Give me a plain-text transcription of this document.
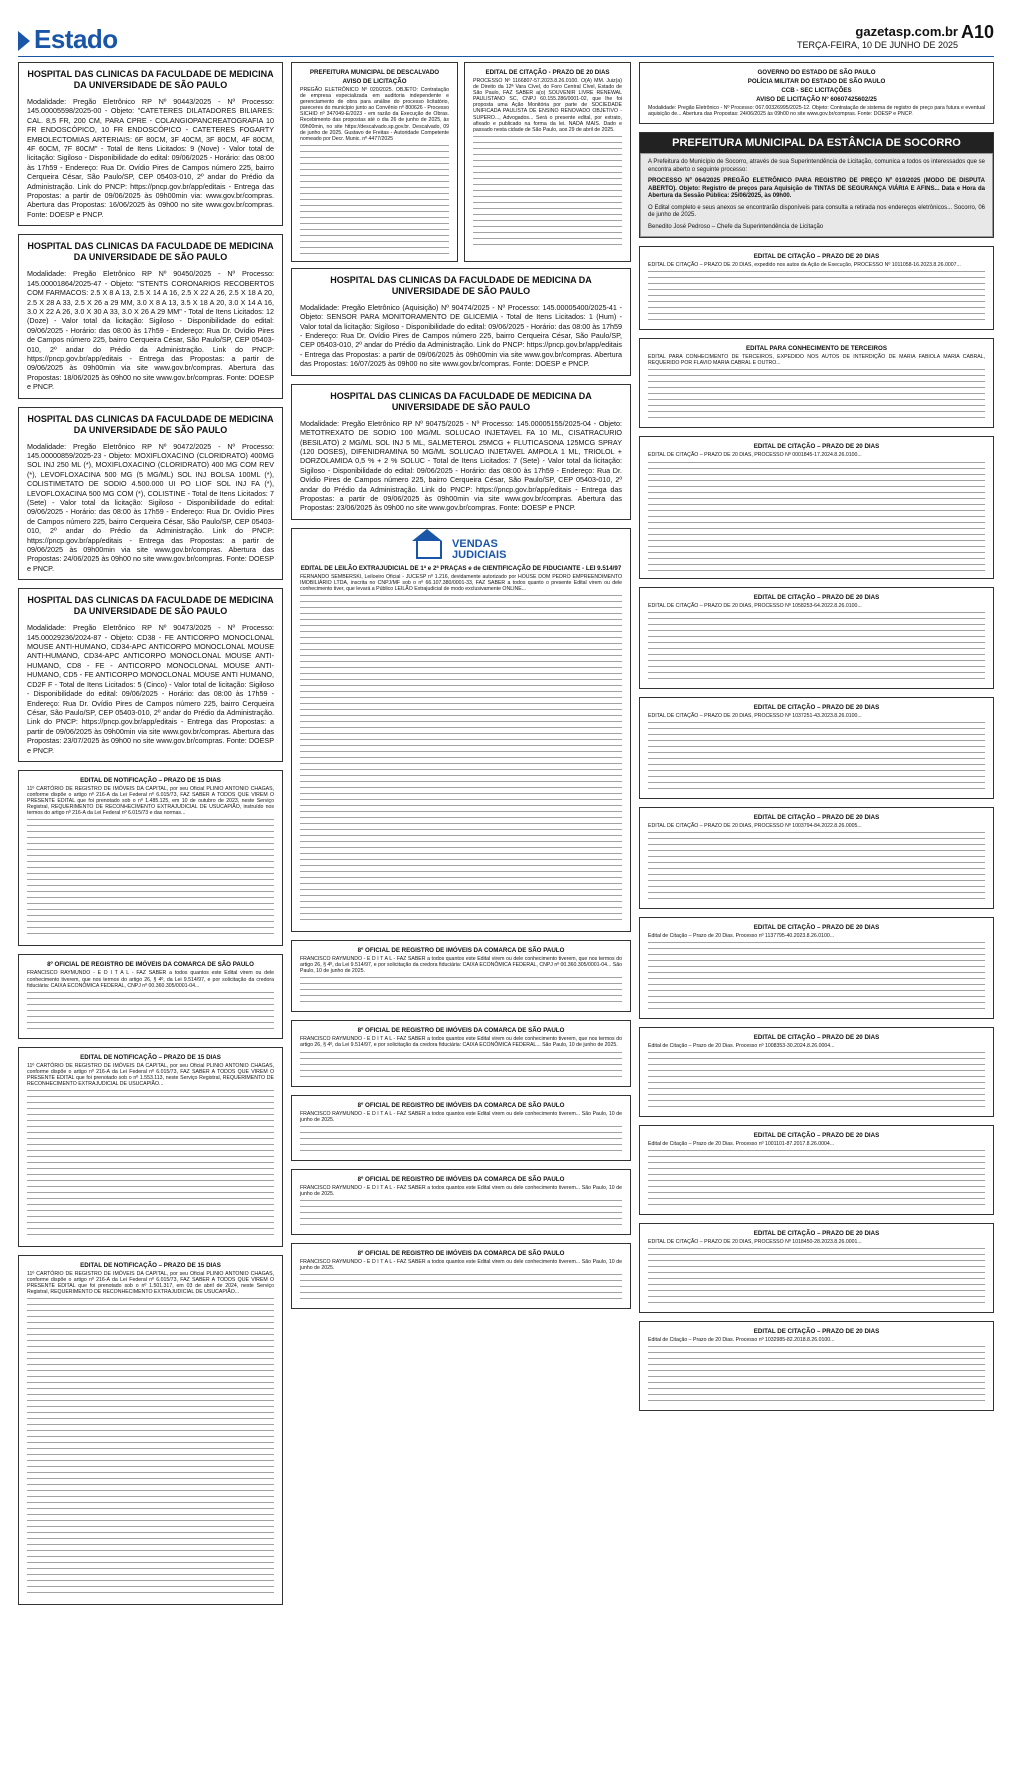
Estado	gazetasp.com.br A10
TERÇA-FEIRA, 10 DE JUNHO DE 2025
HOSPITAL DAS CLINICAS DA FACULDADE DE MEDICINA DA UNIVERSIDADE DE SÃO PAULO

Modalidade: Pregão Eletrônico RP Nº 90443/2025 - Nº Processo: 145.00005598/2025-00 - Objeto: "CATETERES DILATADORES BILIARES: CAL. 8,5 FR, 200 CM, PARA CPRE - COLANGIOPANCREATOGRAFIA 10 FR ENDOSCÓPICO, 10 FR ENDOSCÓPICO - CATETERES FOGARTY EMBOLECTOMIAS ARTERIAIS: 6F 80CM, 3F 40CM, 3F 80CM, 4F 80CM, 4F 60CM, 7F 80CM" - Total de Itens Licitados: 9 (Nove) - Valor total de licitação: Sigiloso - Disponibilidade do edital: 09/06/2025 - Horário: das 08:00 às 17h59 - Endereço: Rua Dr. Ovídio Pires de Campos número 225, bairro Cerqueira César, São Paulo/SP, CEP 05403-010, 2º andar do Prédio da Administração. Link do PNCP: https://pncp.gov.br/app/editais - Entrega das Propostas: a partir de 09/06/2025 às 09h00min via: www.gov.br/compras. Abertura das Propostas: 16/06/2025 às 09h00 no site www.gov.br/compras. Fonte: DOESP e PNCP.

HOSPITAL DAS CLINICAS DA FACULDADE DE MEDICINA DA UNIVERSIDADE DE SÃO PAULO

Modalidade: Pregão Eletrônico RP Nº 90450/2025 - Nº Processo: 145.00001864/2025-47 - Objeto: "STENTS CORONARIOS RECOBERTOS COM FARMACOS: 2.5 X 8 A 13, 2.5 X 14 A 16, 2.5 X 22 A 26, 2.5 X 18 A 20, 2.5 X 28 A 33, 2.5 X 26 a 29 MM, 3.0 X 8 A 13, 3.5 X 18 A 20, 3.0 X 14 A 16, 3.0 X 22 A 26, 3.0 X 30 A 33, 3.0 X 26 A 29 MM" - Total de Itens Licitados: 12 (Doze) - Valor total da licitação: Sigiloso - Disponibilidade do edital: 09/06/2025 - Horário: das 08:00 às 17h59 - Endereço: Rua Dr. Ovídio Pires de Campos número 225, bairro Cerqueira César, São Paulo/SP, CEP 05403-010, 2º andar do Prédio da Administração. Link do PNCP: https://pncp.gov.br/app/editais - Entrega das Propostas: a partir de 09/06/2025 às 09h00min via site www.gov.br/compras. Abertura das Propostas: 18/06/2025 às 09h00 no site www.gov.br/compras. Fonte: DOESP e PNCP.

HOSPITAL DAS CLINICAS DA FACULDADE DE MEDICINA DA UNIVERSIDADE DE SÃO PAULO

Modalidade: Pregão Eletrônico RP Nº 90472/2025 - Nº Processo: 145.00000859/2025-23 - Objeto: MOXIFLOXACINO (CLORIDRATO) 400MG SOL INJ 250 ML (*), MOXIFLOXACINO (CLORIDRATO) 400 MG COM REV (*), LEVOFLOXACINA 500 MG (5 MG/ML) SOL INJ BOLSA 100ML (*), COLISTIMETATO DE SODIO 4.500.000 UI PO LIOF SOL INJ FA (*), LEVOFLOXACINA 500 MG COM (*), COLISTINE - Total de Itens Licitados: 7 (Sete) - Valor total da licitação: Sigiloso - Disponibilidade do edital: 09/06/2025 - Horário: das 08:00 às 17h59 - Endereço: Rua Dr. Ovídio Pires de Campos número 225, bairro Cerqueira César, São Paulo/SP, CEP 05403-010, 2º andar do Prédio da Administração. Link do PNCP: https://pncp.gov.br/app/editais - Entrega das Propostas: a partir de 09/06/2025 às 09h00min via site www.gov.br/compras. Abertura das Propostas: 24/06/2025 às 09h00 no site www.gov.br/compras. Fonte: DOESP e PNCP.

HOSPITAL DAS CLINICAS DA FACULDADE DE MEDICINA DA UNIVERSIDADE DE SÃO PAULO

Modalidade: Pregão Eletrônico RP Nº 90473/2025 - Nº Processo: 145.00029236/2024-87 - Objeto: CD38 - FE ANTICORPO MONOCLONAL MOUSE ANTI-HUMANO, CD34-APC ANTICORPO MONOCLONAL MOUSE ANTI-HUMANO, CD34-APC ANTICORPO MONOCLONAL MOUSE ANTI-HUMANO, CD8 - FE - ANTICORPO MONOCLONAL MOUSE ANTI-HUMANO, CD5 - FE ANTICORPO MONOCLONAL MOUSE ANTI HUMANO, CD2F F - Total de Itens Licitados: 5 (Cinco) - Valor total de licitação: Sigiloso - Disponibilidade do edital: 09/06/2025 - Horário: das 08:00 às 17h59 - Endereço: Rua Dr. Ovídio Pires de Campos número 225, bairro Cerqueira César, São Paulo/SP, CEP 05403-010, 2º andar do Prédio da Administração. Link do PNCP: https://pncp.gov.br/app/editais - Entrega das Propostas: a partir de 09/06/2025 às 09h00min via site www.gov.br/compras. Abertura das Propostas: 23/07/2025 às 09h00 no site www.gov.br/compras. Fonte: DOESP e PNCP.

EDITAL DE NOTIFICAÇÃO – PRAZO DE 15 DIAS

11º CARTÓRIO DE REGISTRO DE IMÓVEIS DA CAPITAL, por seu Oficial PLINIO ANTONIO CHAGAS, conforme dispõe o artigo nº 216-A da Lei Federal nº 6.015/73, FAZ SABER A TODOS QUE VIREM O PRESENTE EDITAL que foi prenotado sob o nº 1.485.125, em 10 de outubro de 2023, neste Serviço Registral, REQUERIMENTO DE RECONHECIMENTO EXTRAJUDICIAL DE USUCAPIÃO, instruído nos termos do artigo nº 216-A da Lei Federal nº 6.015/73 e das normas...

8º OFICIAL DE REGISTRO DE IMÓVEIS DA COMARCA DE SÃO PAULO

FRANCISCO RAYMUNDO - E D I T A L - FAZ SABER a todos quantos este Edital virem ou dele conhecimento tiverem, que nos termos do artigo 26, § 4º, da Lei 9.514/97, e por solicitação da credora fiduciária: CAIXA ECONÔMICA FEDERAL, CNPJ nº 00.360.305/0001-04...

EDITAL DE NOTIFICAÇÃO – PRAZO DE 15 DIAS

11º CARTÓRIO DE REGISTRO DE IMÓVEIS DA CAPITAL, por seu Oficial PLINIO ANTONIO CHAGAS, conforme dispõe o artigo nº 216-A da Lei Federal nº 6.015/73, FAZ SABER A TODOS QUE VIREM O PRESENTE EDITAL que foi prenotado sob o nº 1.553.113, neste Serviço Registral, REQUERIMENTO DE RECONHECIMENTO EXTRAJUDICIAL DE USUCAPIÃO...

EDITAL DE NOTIFICAÇÃO – PRAZO DE 15 DIAS

11º CARTÓRIO DE REGISTRO DE IMÓVEIS DA CAPITAL, por seu Oficial PLINIO ANTONIO CHAGAS, conforme dispõe o artigo nº 216-A da Lei Federal nº 6.015/73, FAZ SABER A TODOS QUE VIREM O PRESENTE EDITAL que foi prenotado sob o nº 1.501.317, em 03 de abril de 2024, neste Serviço Registral, REQUERIMENTO DE RECONHECIMENTO EXTRAJUDICIAL DE USUCAPIÃO...

PREFEITURA MUNICIPAL DE DESCALVADO
AVISO DE LICITAÇÃO

PREGÃO ELETRÔNICO Nº 020/2025. OBJETO: Contratação de empresa especializada em auditoria independente e gerenciamento de obra para análise do processo licitatório, pareceres do município junto ao Convênio nº 800626 - Processo SICHID nº 347049-E/2023 - em razão da Execução de Obras. Recebimento das propostas até o dia 26 de junho de 2025, às 09h00min, no site https://descalvado.sp.gov.br. Descalvado, 09 de junho de 2025. Gustavo de Freitas - Autoridade Competente nomeado por Decr. Munic. nº 4477/2025

EDITAL DE CITAÇÃO - PRAZO DE 20 DIAS

PROCESSO Nº 1166807-57.2023.8.26.0100. O(A) MM. Juiz(a) de Direito da 12ª Vara Cível, do Foro Central Cível, Estado de São Paulo, FAZ SABER a(o) SOUVENIR LIVRE RENEWAL PAULISTANO SC, CNPJ 60.155.286/0001-02, que lhe foi proposta uma Ação Monitória por parte de SOCIEDADE UNIFICADA PAULISTA DE ENSINO RENOVADO OBJETIVO - SUPERO..., Advogados... Será o presente edital, por extrato, afixado e publicado na forma da lei. NADA MAIS. Dado e passado nesta cidade de São Paulo, aos 29 de abril de 2025.

HOSPITAL DAS CLINICAS DA FACULDADE DE MEDICINA DA UNIVERSIDADE DE SÃO PAULO

Modalidade: Pregão Eletrônico (Aquisição) Nº 90474/2025 - Nº Processo: 145.00005400/2025-41 - Objeto: SENSOR PARA MONITORAMENTO DE GLICEMIA - Total de Itens Licitados: 1 (Hum) - Valor total da licitação: Sigiloso - Disponibilidade do edital: 09/06/2025 - Horário: das 08:00 às 17h59 - Endereço: Rua Dr. Ovídio Pires de Campos número 225, bairro Cerqueira César, São Paulo/SP, CEP 05403-010, 2º andar do Prédio da Administração. Link do PNCP: https://pncp.gov.br/app/editais - Entrega das Propostas: a partir de 09/06/2025 às 09h00min via site www.gov.br/compras. Abertura das Propostas: 16/07/2025 às 09h00 no site www.gov.br/compras. Fonte: DOESP e PNCP.

HOSPITAL DAS CLINICAS DA FACULDADE DE MEDICINA DA UNIVERSIDADE DE SÃO PAULO

Modalidade: Pregão Eletrônico RP Nº 90475/2025 - Nº Processo: 145.00005155/2025-04 - Objeto: METOTREXATO DE SODIO 100 MG/ML SOLUCAO INJETAVEL FA 10 ML, CISATRACURIO (BESILATO) 2 MG/ML SOL INJ 5 ML, SALMETEROL 25MCG + FLUTICASONA 125MCG SPRAY (120 DOSES), DIFENIDRAMINA 50 MG/ML SOLUCAO INJETAVEL AMPOLA 1 ML, TRIOLOL + DORZOLAMIDA 0,5 % + 2 % SOLUC - Total de Itens Licitados: 7 (Sete) - Valor total da licitação: Sigiloso - Disponibilidade do edital: 09/06/2025 - Horário: das 08:00 às 17h59 - Endereço: Rua Dr. Ovídio Pires de Campos número 225, bairro Cerqueira César, São Paulo/SP, CEP 05403-010, 2º andar do Prédio da Administração. Link do PNCP: https://pncp.gov.br/app/editais - Entrega das Propostas: a partir de 09/06/2025 às 09h00min via site www.gov.br/compras. Abertura das Propostas: 23/06/2025 às 09h00 no site www.gov.br/compras. Fonte: DOESP e PNCP.

VENDAS
JUDICIAIS
EDITAL DE LEILÃO EXTRAJUDICIAL DE 1ª e 2ª PRAÇAS e de CIENTIFICAÇÃO DE FIDUCIANTE - LEI 9.514/97

FERNANDO SEMBERSKI, Leiloeiro Oficial - JUCESP nº 1.216, devidamente autorizado por HOUSE DOM PEDRO EMPREENDIMENTO IMOBILIÁRIO LTDA, inscrita no CNPJ/MF sob o nº 66.107.380/0001-33, FAZ SABER a todos quanto o presente Edital virem ou dele conhecimento tiver, que levará a Público LEILÃO Extrajudicial de modo exclusivamente ONLINE...

8º OFICIAL DE REGISTRO DE IMÓVEIS DA COMARCA DE SÃO PAULO

FRANCISCO RAYMUNDO - E D I T A L - FAZ SABER a todos quantos este Edital virem ou dele conhecimento tiverem, que nos termos do artigo 26, § 4º, da Lei 9.514/97, e por solicitação da credora fiduciária: CAIXA ECONÔMICA FEDERAL, CNPJ nº 00.360.305/0001-04... São Paulo, 10 de junho de 2025.

8º OFICIAL DE REGISTRO DE IMÓVEIS DA COMARCA DE SÃO PAULO

FRANCISCO RAYMUNDO - E D I T A L - FAZ SABER a todos quantos este Edital virem ou dele conhecimento tiverem, que nos termos do artigo 26, § 4º, da Lei 9.514/97, e por solicitação da credora fiduciária: CAIXA ECONÔMICA FEDERAL... São Paulo, 10 de junho de 2025.

8º OFICIAL DE REGISTRO DE IMÓVEIS DA COMARCA DE SÃO PAULO

FRANCISCO RAYMUNDO - E D I T A L - FAZ SABER a todos quantos este Edital virem ou dele conhecimento tiverem... São Paulo, 10 de junho de 2025.

8º OFICIAL DE REGISTRO DE IMÓVEIS DA COMARCA DE SÃO PAULO

FRANCISCO RAYMUNDO - E D I T A L - FAZ SABER a todos quantos este Edital virem ou dele conhecimento tiverem... São Paulo, 10 de junho de 2025.

8º OFICIAL DE REGISTRO DE IMÓVEIS DA COMARCA DE SÃO PAULO

FRANCISCO RAYMUNDO - E D I T A L - FAZ SABER a todos quantos este Edital virem ou dele conhecimento tiverem... São Paulo, 10 de junho de 2025.

GOVERNO DO ESTADO DE SÃO PAULO
POLÍCIA MILITAR DO ESTADO DE SÃO PAULO
CCB - SEC LICITAÇÕES
AVISO DE LICITAÇÃO Nº 60607425602/25

Modalidade: Pregão Eletrônico - Nº Processo: 067.00326995/2025-12. Objeto: Contratação de sistema de registro de preço para futura e eventual aquisição de... Abertura das Propostas: 24/06/2025 às 09h00 no site www.gov.br/compras. Fonte: DOESP e PNCP.

PREFEITURA MUNICIPAL DA ESTÂNCIA DE SOCORRO

A Prefeitura do Município de Socorro, através de sua Superintendência de Licitação, comunica a todos os interessados que se encontra aberto o seguinte processo:

PROCESSO Nº 064/2025 PREGÃO ELETRÔNICO PARA REGISTRO DE PREÇO Nº 019/2025 (MODO DE DISPUTA ABERTO). Objeto: Registro de preços para Aquisição de TINTAS DE SEGURANÇA VIÁRIA E AFINS... Data e Hora da Abertura da Sessão Pública: 25/06/2025, às 09h00.

O Edital completo e seus anexos se encontrarão disponíveis para consulta a retirada nos endereços eletrônicos... Socorro, 06 de junho de 2025.

Benedito José Pedroso – Chefe da Superintendência de Licitação

EDITAL DE CITAÇÃO – PRAZO DE 20 DIAS

EDITAL DE CITAÇÃO – PRAZO DE 20 DIAS, expedido nos autos da Ação de Execução, PROCESSO Nº 1011058-16.2023.8.26.0007...

EDITAL PARA CONHECIMENTO DE TERCEIROS

EDITAL PARA CONHECIMENTO DE TERCEIROS, EXPEDIDO NOS AUTOS DE INTERDIÇÃO DE MARIA FABIOLA MARIA CABRAL, REQUERIDO POR FLAVIO MARIA CABRAL E OUTRO...

EDITAL DE CITAÇÃO – PRAZO DE 20 DIAS

EDITAL DE CITAÇÃO – PRAZO DE 20 DIAS, PROCESSO Nº 0001845-17.2024.8.26.0100...

EDITAL DE CITAÇÃO – PRAZO DE 20 DIAS

EDITAL DE CITAÇÃO – PRAZO DE 20 DIAS, PROCESSO Nº 1058253-64.2022.8.26.0100...

EDITAL DE CITAÇÃO – PRAZO DE 20 DIAS

EDITAL DE CITAÇÃO – PRAZO DE 20 DIAS, PROCESSO Nº 1037251-43.2023.8.26.0100...

EDITAL DE CITAÇÃO – PRAZO DE 20 DIAS

EDITAL DE CITAÇÃO – PRAZO DE 20 DIAS, PROCESSO Nº 1003794-84.2022.8.26.0005...

EDITAL DE CITAÇÃO – PRAZO DE 20 DIAS

Edital de Citação – Prazo de 20 Dias. Processo nº 1137795-40.2023.8.26.0100...

EDITAL DE CITAÇÃO – PRAZO DE 20 DIAS

Edital de Citação – Prazo de 20 Dias. Processo nº 1008353-30.2024.8.26.0004...

EDITAL DE CITAÇÃO – PRAZO DE 20 DIAS

Edital de Citação – Prazo de 20 Dias. Processo nº 1001101-87.2017.8.26.0004...

EDITAL DE CITAÇÃO – PRAZO DE 20 DIAS

EDITAL DE CITAÇÃO – PRAZO DE 20 DIAS, PROCESSO Nº 1018450-28.2023.8.26.0001...

EDITAL DE CITAÇÃO – PRAZO DE 20 DIAS

Edital de Citação – Prazo de 20 Dias. Processo nº 1032985-82.2018.8.26.0100...
